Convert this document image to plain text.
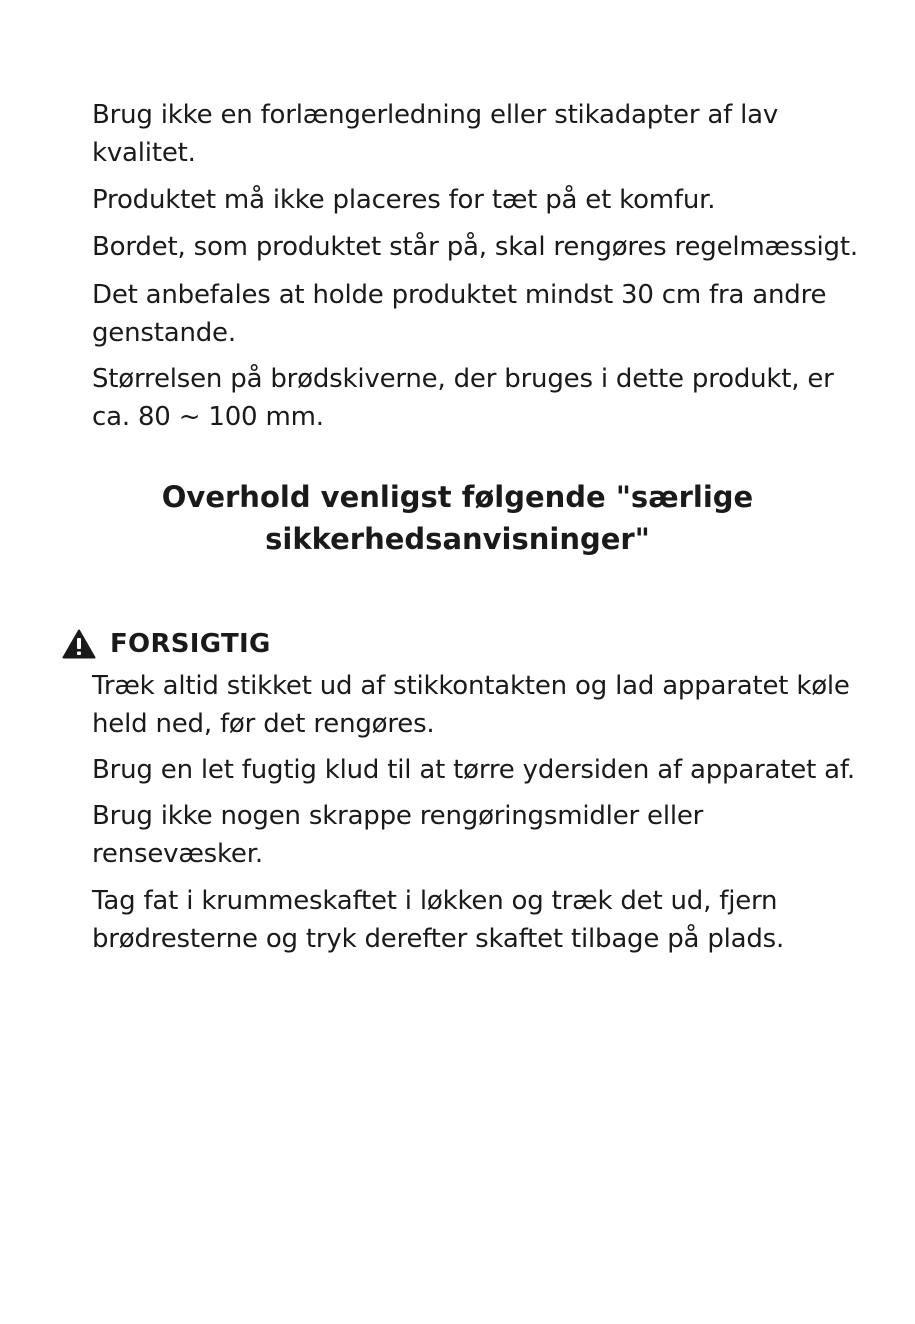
Brug ikke en forlængerledning eller stikadapter af lav
kvalitet.

Produktet må ikke placeres for tæt på et komfur.

Bordet, som produktet står på, skal rengøres regelmæssigt.

Det anbefales at holde produktet mindst 30 cm fra andre
genstande.

Størrelsen på brødskiverne, der bruges i dette produkt, er
ca. 80 ~ 100 mm.

Overhold venligst følgende "særlige
sikkerhedsanvisninger"
FORSIGTIG

Træk altid stikket ud af stikkontakten og lad apparatet køle
held ned, før det rengøres.

Brug en let fugtig klud til at tørre ydersiden af apparatet af.

Brug ikke nogen skrappe rengøringsmidler eller
rensevæsker.

Tag fat i krummeskaftet i løkken og træk det ud, fjern
brødresterne og tryk derefter skaftet tilbage på plads.
